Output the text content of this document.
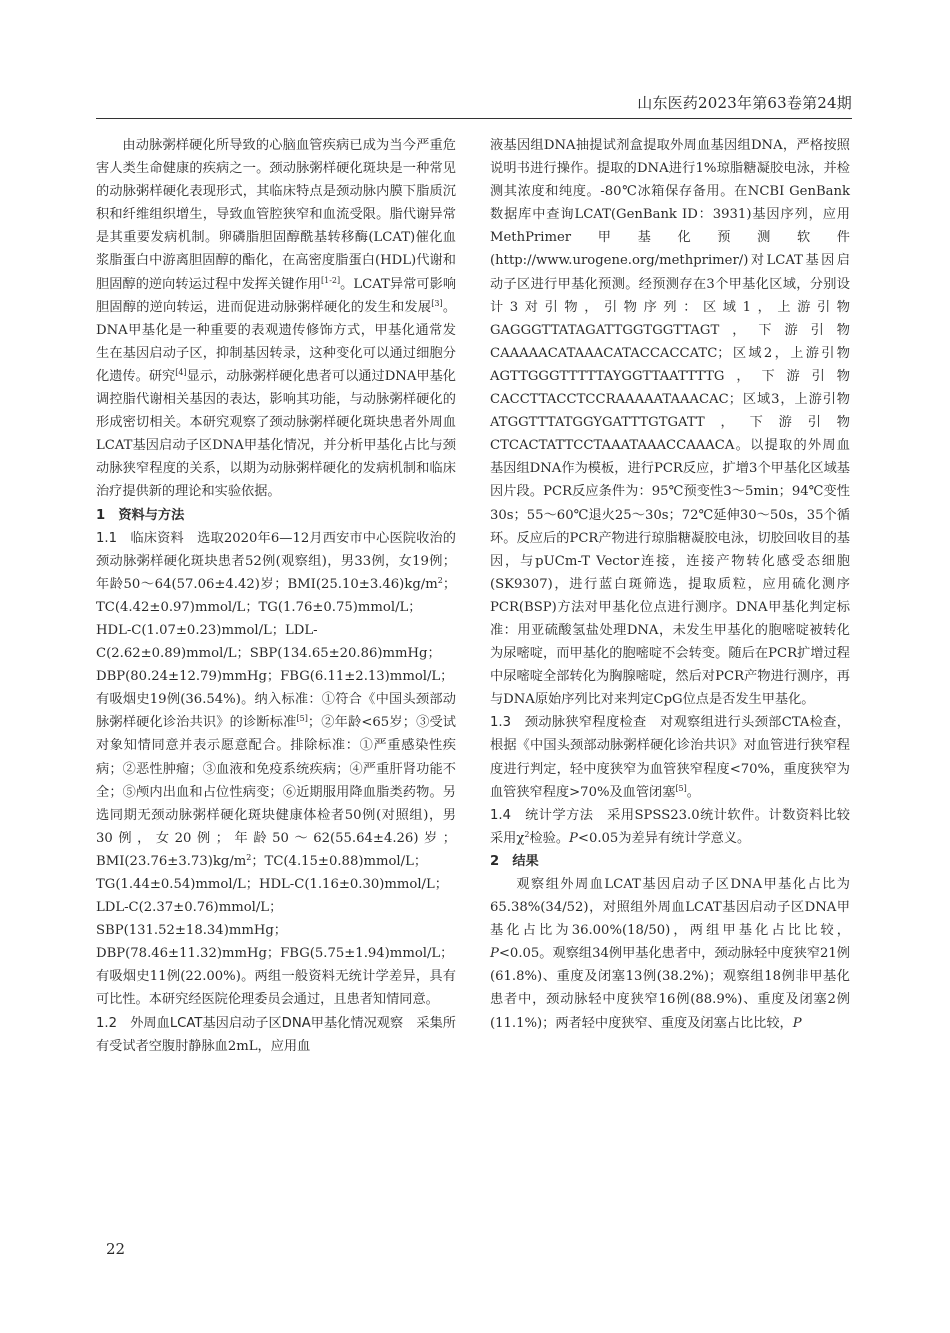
山东医药2023年第63卷第24期

由动脉粥样硬化所导致的心脑血管疾病已成为当今严重危害人类生命健康的疾病之一。颈动脉粥样硬化斑块是一种常见的动脉粥样硬化表现形式，其临床特点是颈动脉内膜下脂质沉积和纤维组织增生，导致血管腔狭窄和血流受限。脂代谢异常是其重要发病机制。卵磷脂胆固醇酰基转移酶(LCAT)催化血浆脂蛋白中游离胆固醇的酯化，在高密度脂蛋白(HDL)代谢和胆固醇的逆向转运过程中发挥关键作用[1-2]。LCAT异常可影响胆固醇的逆向转运，进而促进动脉粥样硬化的发生和发展[3]。DNA甲基化是一种重要的表观遗传修饰方式，甲基化通常发生在基因启动子区，抑制基因转录，这种变化可以通过细胞分化遗传。研究[4]显示，动脉粥样硬化患者可以通过DNA甲基化调控脂代谢相关基因的表达，影响其功能，与动脉粥样硬化的形成密切相关。本研究观察了颈动脉粥样硬化斑块患者外周血LCAT基因启动子区DNA甲基化情况，并分析甲基化占比与颈动脉狭窄程度的关系，以期为动脉粥样硬化的发病机制和临床治疗提供新的理论和实验依据。

1　资料与方法

1.1　临床资料　选取2020年6—12月西安市中心医院收治的颈动脉粥样硬化斑块患者52例(观察组)，男33例，女19例；年龄50～64(57.06±4.42)岁；$BMI(25.10\pm 3.46)kg/m^2$；TC(4.42±0.97)mmol/L；TG(1.76±0.75)mmol/L；HDL-C(1.07±0.23)mmol/L；LDL-C(2.62±0.89)mmol/L；SBP(134.65±20.86)mmHg；DBP(80.24±12.79)mmHg；FBG(6.11±2.13)mmol/L；有吸烟史19例(36.54%)。纳入标准：①符合《中国头颈部动脉粥样硬化诊治共识》的诊断标准[5]；②年龄<65岁；③受试对象知情同意并表示愿意配合。排除标准：①严重感染性疾病；②恶性肿瘤；③血液和免疫系统疾病；④严重肝肾功能不全；⑤颅内出血和占位性病变；⑥近期服用降血脂类药物。另选同期无颈动脉粥样硬化斑块健康体检者50例(对照组)，男30例，女20例；年龄50～62(55.64±4.26)岁；$BMI(23.76\pm 3.73)kg/m^2$；TC(4.15±0.88)mmol/L；TG(1.44±0.54)mmol/L；HDL-C(1.16±0.30)mmol/L；LDL-C(2.37±0.76)mmol/L；SBP(131.52±18.34)mmHg；DBP(78.46±11.32)mmHg；FBG(5.75±1.94)mmol/L；有吸烟史11例(22.00%)。两组一般资料无统计学差异，具有可比性。本研究经医院伦理委员会通过，且患者知情同意。

1.2　外周血LCAT基因启动子区DNA甲基化情况观察　采集所有受试者空腹肘静脉血2mL，应用血

液基因组DNA抽提试剂盒提取外周血基因组DNA，严格按照说明书进行操作。提取的DNA进行1%琼脂糖凝胶电泳，并检测其浓度和纯度。-80℃冰箱保存备用。在NCBI GenBank数据库中查询LCAT(GenBank ID：3931)基因序列，应用MethPrimer甲基化预测软件(http://www.urogene.org/methprimer/)对LCAT基因启动子区进行甲基化预测。经预测存在3个甲基化区域，分别设计3对引物，引物序列：区域1，上游引物GAGGGTTATAGATTGGTGGTTAGT，下游引物CAAAAACATAAACATACCACCATC；区域2，上游引物AGTTGGGTTTTTAYGGTTAATTTTG，下游引物CACCTTACCTCCRAAAAATAAACAC；区域3，上游引物ATGGTTTATGGYGATTTGTGATT，下游引物CTCACTATTCCTAAATAAACCAAACA。以提取的外周血基因组DNA作为模板，进行PCR反应，扩增3个甲基化区域基因片段。PCR反应条件为：95℃预变性3～5min；94℃变性30s；55～60℃退火25～30s；72℃延伸30～50s，35个循环。反应后的PCR产物进行琼脂糖凝胶电泳，切胶回收目的基因，与pUCm-T Vector连接，连接产物转化感受态细胞(SK9307)，进行蓝白斑筛选，提取质粒，应用硫化测序PCR(BSP)方法对甲基化位点进行测序。DNA甲基化判定标准：用亚硫酸氢盐处理DNA，未发生甲基化的胞嘧啶被转化为尿嘧啶，而甲基化的胞嘧啶不会转变。随后在PCR扩增过程中尿嘧啶全部转化为胸腺嘧啶，然后对PCR产物进行测序，再与DNA原始序列比对来判定CpG位点是否发生甲基化。

1.3　颈动脉狭窄程度检查　对观察组进行头颈部CTA检查，根据《中国头颈部动脉粥样硬化诊治共识》对血管进行狭窄程度进行判定，轻中度狭窄为血管狭窄程度<70%，重度狭窄为血管狭窄程度>70%及血管闭塞[5]。

1.4　统计学方法　采用SPSS23.0统计软件。计数资料比较采用$\chi^2$检验。P<0.05为差异有统计学意义。

2　结果

观察组外周血LCAT基因启动子区DNA甲基化占比为65.38%(34/52)，对照组外周血LCAT基因启动子区DNA甲基化占比为36.00%(18/50)，两组甲基化占比比较，P<0.05。观察组34例甲基化患者中，颈动脉轻中度狭窄21例(61.8%)、重度及闭塞13例(38.2%)；观察组18例非甲基化患者中，颈动脉轻中度狭窄16例(88.9%)、重度及闭塞2例(11.1%)；两者轻中度狭窄、重度及闭塞占比比较，P

22
